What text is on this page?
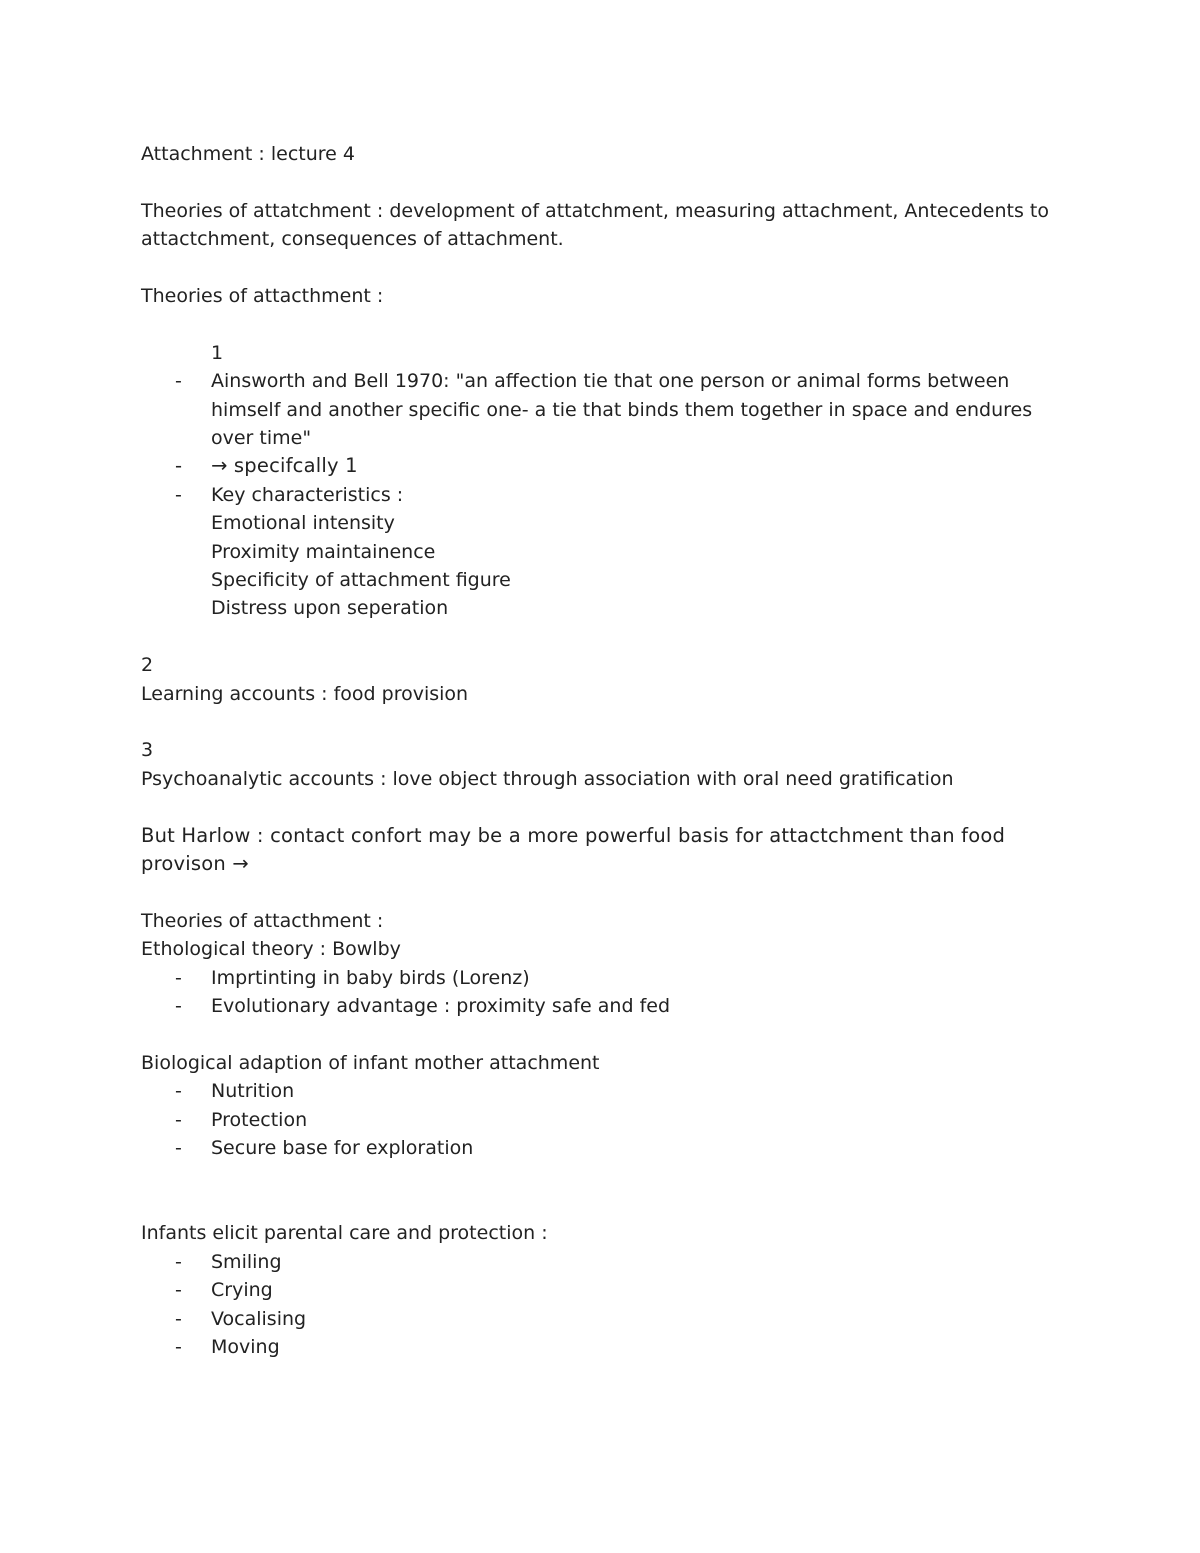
Attachment : lecture 4

Theories of attatchment : development of attatchment, measuring attachment, Antecedents to attactchment, consequences of attachment.

Theories of attacthment :

1

- Ainsworth and Bell 1970: "an affection tie that one person or animal forms between himself and another specific one- a tie that binds them together in space and endures over time"
- → specifcally 1
- Key characteristics :

Emotional intensity

Proximity maintainence

Specificity of attachment figure

Distress upon seperation

2

Learning accounts : food provision

3

Psychoanalytic accounts : love object through association with oral need gratification

But Harlow : contact confort may be a more powerful basis for attactchment than food provison →

Theories of attacthment :

Ethological theory : Bowlby

- Imprtinting in baby birds (Lorenz)
- Evolutionary advantage : proximity safe and fed

Biological adaption of infant mother attachment

- Nutrition
- Protection
- Secure base for exploration

Infants elicit parental care and protection :

- Smiling
- Crying
- Vocalising
- Moving
